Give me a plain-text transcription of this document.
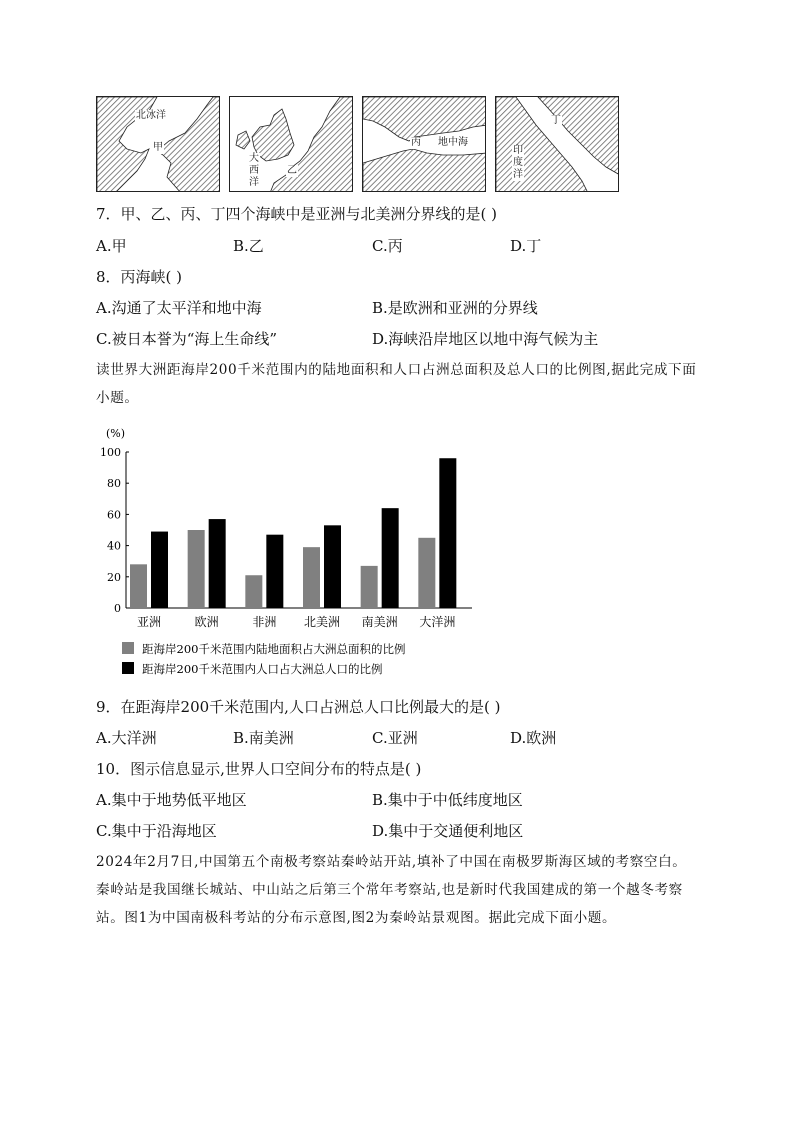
北冰洋
甲
大
西
洋
乙
丙 地中海
丁
印
度
洋
7．甲、乙、丙、丁四个海峡中是亚洲与北美洲分界线的是( )
A.甲	B.乙	C.丙	D.丁
8．丙海峡( )
A.沟通了太平洋和地中海	B.是欧洲和亚洲的分界线
C.被日本誉为“海上生命线”	D.海峡沿岸地区以地中海气候为主
读世界大洲距海岸200千米范围内的陆地面积和人口占洲总面积及总人口的比例图,据此完成下面小题。
(%)
0
20
40
60
80
100
亚洲	欧洲	非洲 北美洲 南美洲 大洋洲
距海岸200千米范围内陆地面积占大洲总面积的比例
距海岸200千米范围内人口占大洲总人口的比例
9．在距海岸200千米范围内,人口占洲总人口比例最大的是( )
A.大洋洲	B.南美洲	C.亚洲	D.欧洲
10．图示信息显示,世界人口空间分布的特点是( )
A.集中于地势低平地区	B.集中于中低纬度地区
C.集中于沿海地区	D.集中于交通便利地区
2024年2月7日,中国第五个南极考察站秦岭站开站,填补了中国在南极罗斯海区域的考察空白。秦岭站是我国继长城站、中山站之后第三个常年考察站,也是新时代我国建成的第一个越冬考察站。图1为中国南极科考站的分布示意图,图2为秦岭站景观图。据此完成下面小题。
